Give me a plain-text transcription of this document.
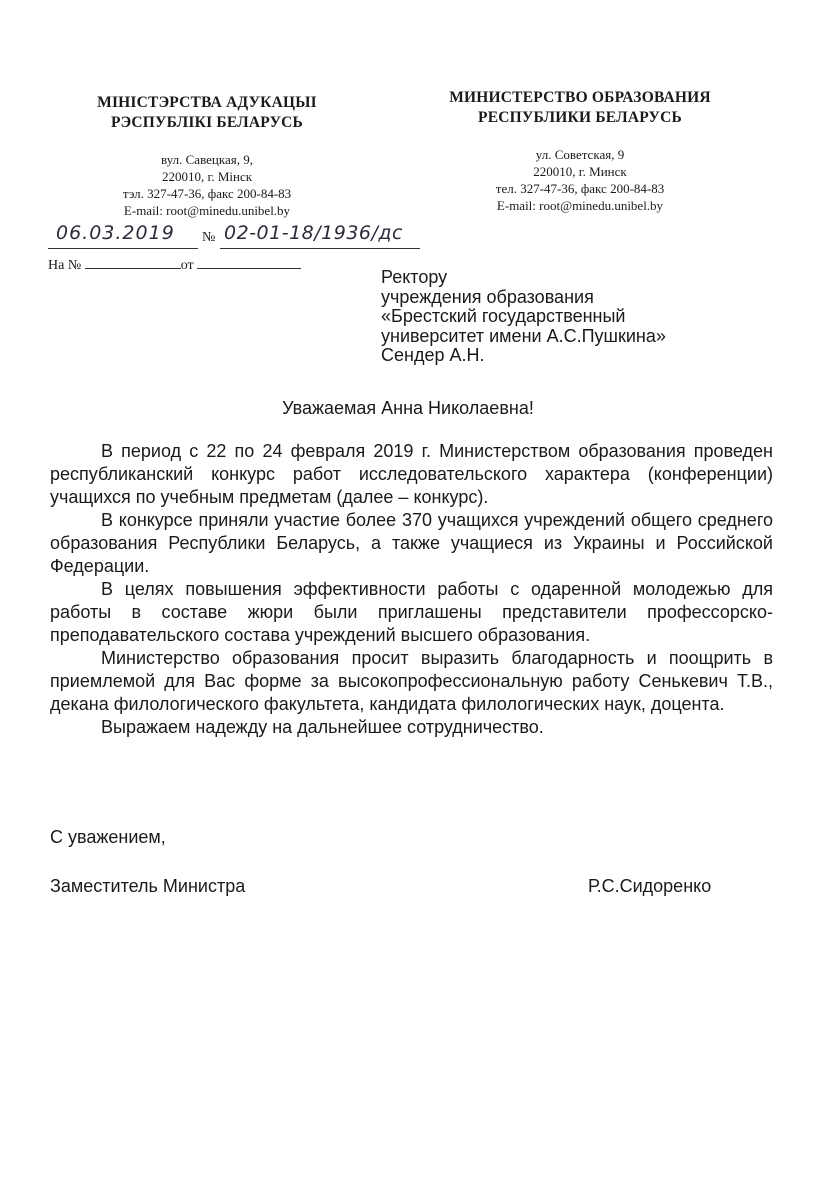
МІНІСТЭРСТВА АДУКАЦЫІ
РЭСПУБЛІКІ БЕЛАРУСЬ
вул. Савецкая, 9,
220010, г. Мінск
тэл. 327-47-36, факс 200-84-83
E-mail: root@minedu.unibel.by
МИНИСТЕРСТВО ОБРАЗОВАНИЯ
РЕСПУБЛИКИ БЕЛАРУСЬ
ул. Советская, 9
220010, г. Минск
тел. 327-47-36, факс 200-84-83
E-mail: root@minedu.unibel.by
06.03.2019 № 02-01-18/1936/дс
На №	от
Ректору
учреждения образования
«Брестский государственный
университет имени А.С.Пушкина»
Сендер А.Н.
Уважаемая Анна Николаевна!

В период с 22 по 24 февраля 2019 г. Министерством образования проведен республиканский конкурс работ исследовательского характера (конференции) учащихся по учебным предметам (далее – конкурс).

В конкурсе приняли участие более 370 учащихся учреждений общего среднего образования Республики Беларусь, а также учащиеся из Украины и Российской Федерации.

В целях повышения эффективности работы с одаренной молодежью для работы в составе жюри были приглашены представители профессорско-преподавательского состава учреждений высшего образования.

Министерство образования просит выразить благодарность и поощрить в приемлемой для Вас форме за высокопрофессиональную работу Сенькевич Т.В., декана филологического факультета, кандидата филологических наук, доцента.

Выражаем надежду на дальнейшее сотрудничество.

С уважением,
Заместитель Министра	Р.С.Сидоренко
